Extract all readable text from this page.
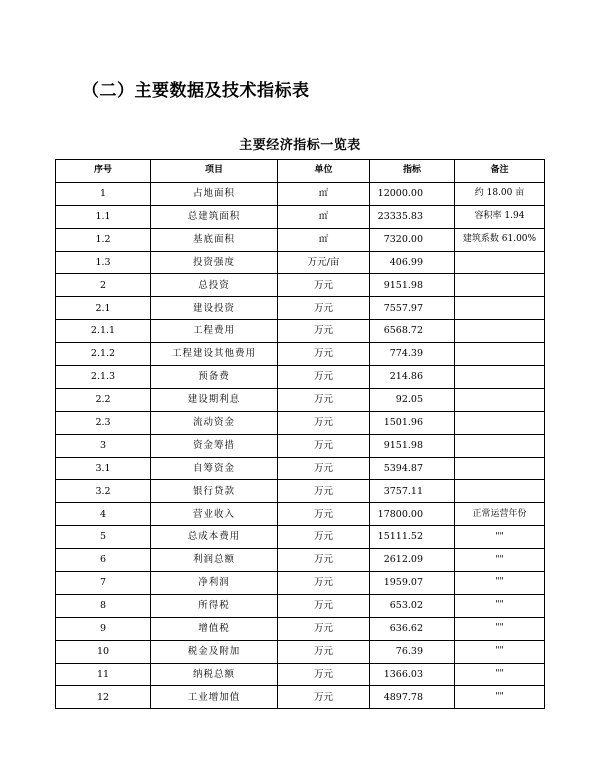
（二）主要数据及技术指标表
主要经济指标一览表
序号	项目	单位	指标	备注
1	占地面积	㎡	12000.00	约 18.00 亩
1.1	总建筑面积	㎡	23335.83	容积率 1.94
1.2	基底面积	㎡	7320.00	建筑系数 61.00%
1.3	投资强度	万元/亩	406.99	
2	总投资	万元	9151.98	
2.1	建设投资	万元	7557.97	
2.1.1	工程费用	万元	6568.72	
2.1.2	工程建设其他费用	万元	774.39	
2.1.3	预备费	万元	214.86	
2.2	建设期利息	万元	92.05	
2.3	流动资金	万元	1501.96	
3	资金筹措	万元	9151.98	
3.1	自筹资金	万元	5394.87	
3.2	银行贷款	万元	3757.11	
4	营业收入	万元	17800.00	正常运营年份
5	总成本费用	万元	15111.52	""
6	利润总额	万元	2612.09	""
7	净利润	万元	1959.07	""
8	所得税	万元	653.02	""
9	增值税	万元	636.62	""
10	税金及附加	万元	76.39	""
11	纳税总额	万元	1366.03	""
12	工业增加值	万元	4897.78	""
